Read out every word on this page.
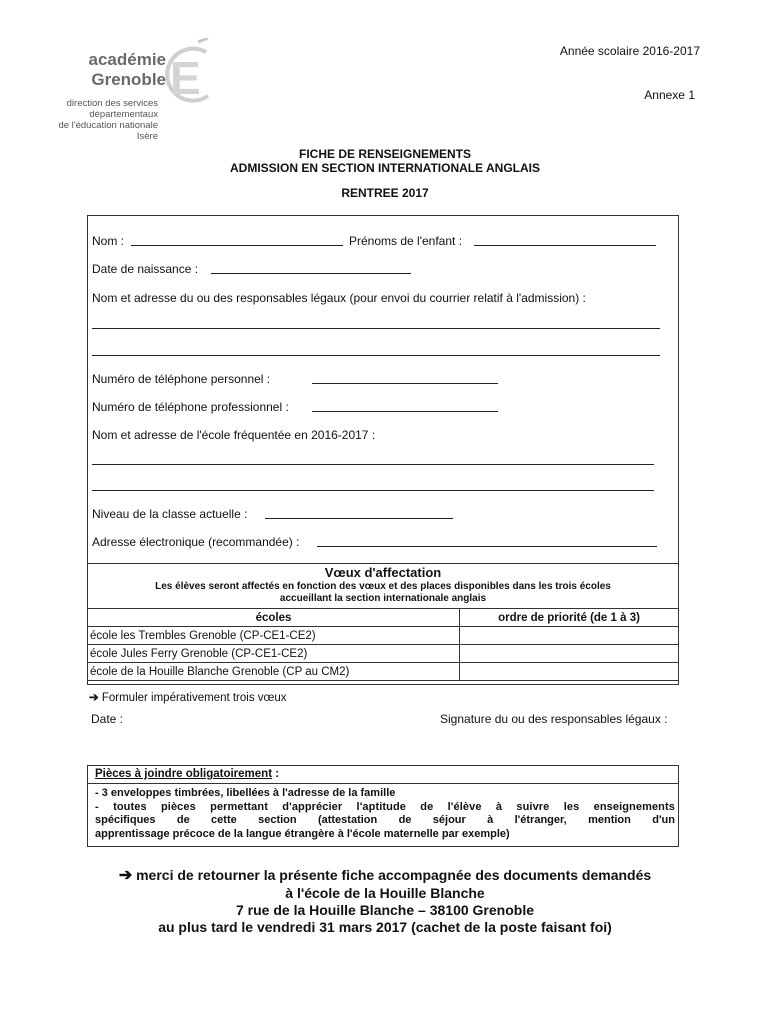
E
académie
Grenoble
direction des services
départementaux
de l'éducation nationale
Isère
Année scolaire 2016-2017
Annexe 1
FICHE DE RENSEIGNEMENTS
ADMISSION EN SECTION INTERNATIONALE ANGLAIS
RENTREE 2017
Nom :	Prénoms de l'enfant :
Date de naissance :
Nom et adresse du ou des responsables légaux (pour envoi du courrier relatif à l'admission) :
Numéro de téléphone personnel :
Numéro de téléphone professionnel :
Nom et adresse de l'école fréquentée en 2016-2017 :
Niveau de la classe actuelle :
Adresse électronique (recommandée) :
Vœux d'affectation
Les élèves seront affectés en fonction des vœux et des places disponibles dans les trois écoles
accueillant la section internationale anglais
écoles	ordre de priorité (de 1 à 3)
école les Trembles Grenoble (CP-CE1-CE2)	
école Jules Ferry Grenoble (CP-CE1-CE2)	
école de la Houille Blanche Grenoble (CP au CM2)	
➔ Formuler impérativement trois vœux
Date :	Signature du ou des responsables légaux :
Pièces à joindre obligatoirement :
- 3 enveloppes timbrées, libellées à l'adresse de la famille
- toutes pièces permettant d'apprécier l'aptitude de l'élève à suivre les enseignements
spécifiques de cette section (attestation de séjour à l'étranger, mention d'un
apprentissage précoce de la langue étrangère à l'école maternelle par exemple)
➔ merci de retourner la présente fiche accompagnée des documents demandés
à l'école de la Houille Blanche
7 rue de la Houille Blanche – 38100 Grenoble
au plus tard le vendredi 31 mars 2017 (cachet de la poste faisant foi)
